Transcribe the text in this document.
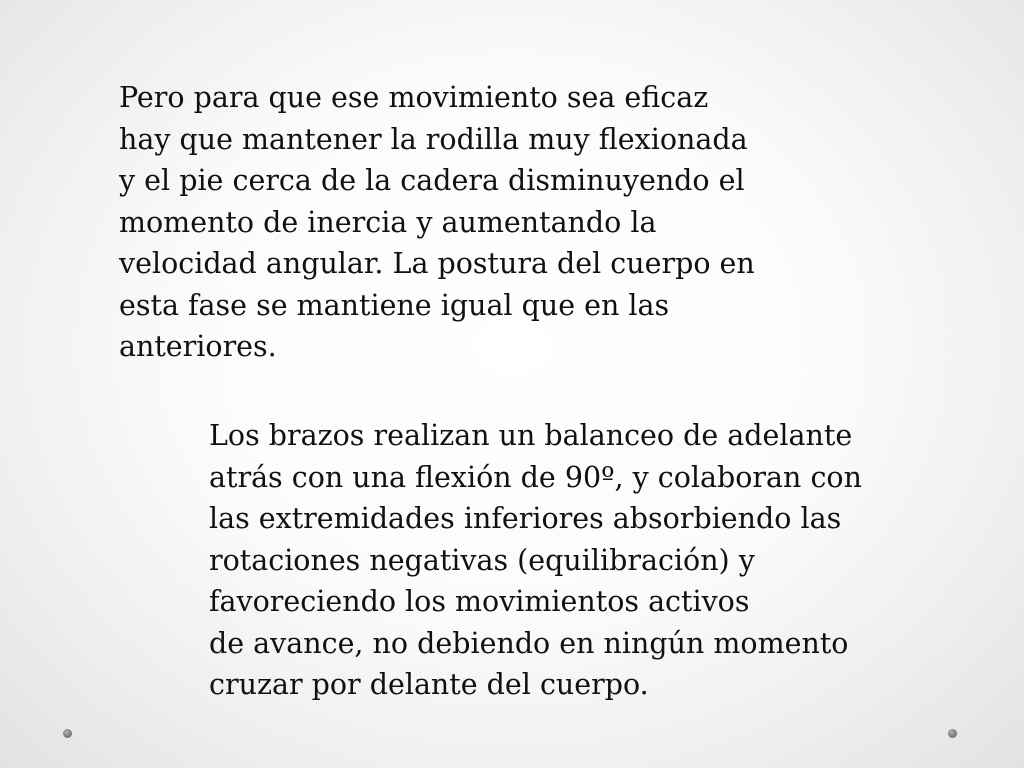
Pero para que ese movimiento sea eficaz
hay que mantener la rodilla muy flexionada
y el pie cerca de la cadera disminuyendo el
momento de inercia y aumentando la
velocidad angular. La postura del cuerpo en
esta fase se mantiene igual que en las
anteriores.

Los brazos realizan un balanceo de adelante
atrás con una flexión de 90º, y colaboran con
las extremidades inferiores absorbiendo las
rotaciones negativas (equilibración) y
favoreciendo los movimientos activos
de avance, no debiendo en ningún momento
cruzar por delante del cuerpo.
